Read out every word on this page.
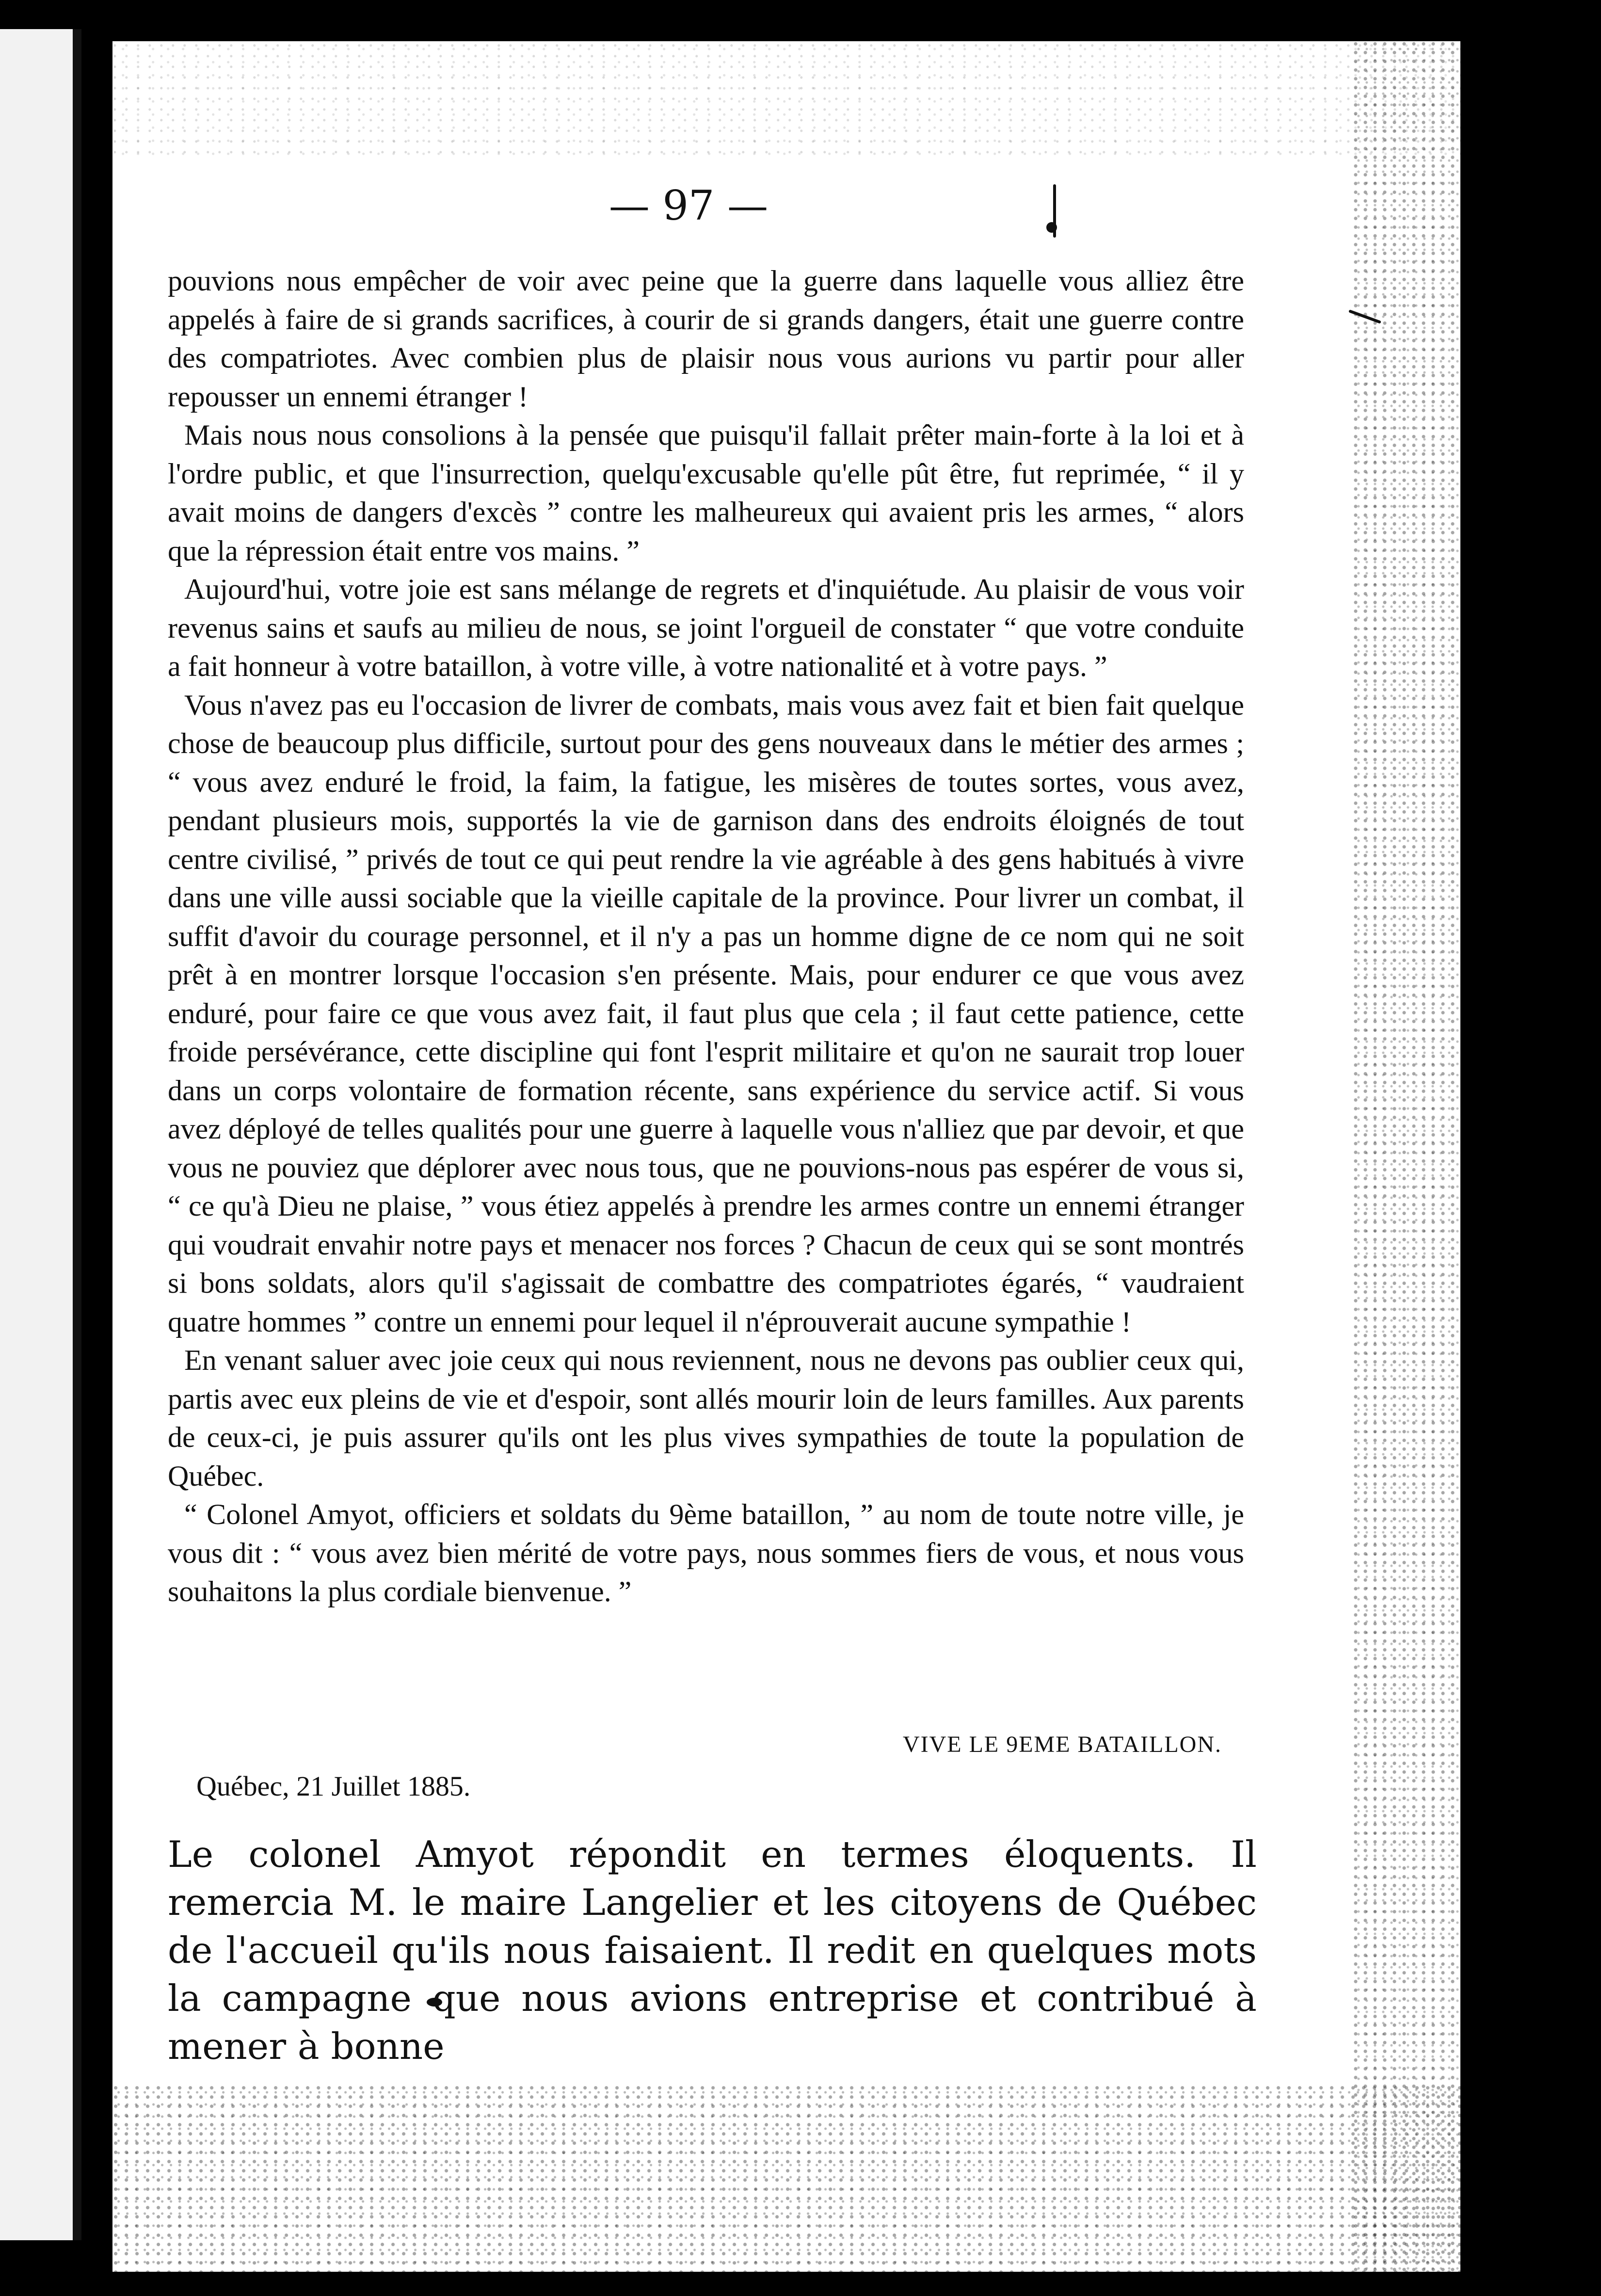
— 97 —

pouvions nous empêcher de voir avec peine que la guerre dans laquelle vous alliez être appelés à faire de si grands sacrifices, à courir de si grands dangers, était une guerre contre des compatriotes. Avec combien plus de plaisir nous vous aurions vu partir pour aller repousser un ennemi étranger !

Mais nous nous consolions à la pensée que puisqu'il fallait prêter main-forte à la loi et à l'ordre public, et que l'insurrection, quelqu'excusable qu'elle pût être, fut reprimée, “ il y avait moins de dangers d'excès ” contre les malheureux qui avaient pris les armes, “ alors que la répression était entre vos mains. ”

Aujourd'hui, votre joie est sans mélange de regrets et d'inquiétude. Au plaisir de vous voir revenus sains et saufs au milieu de nous, se joint l'orgueil de constater “ que votre conduite a fait honneur à votre bataillon, à votre ville, à votre nationalité et à votre pays. ”

Vous n'avez pas eu l'occasion de livrer de combats, mais vous avez fait et bien fait quelque chose de beaucoup plus difficile, surtout pour des gens nouveaux dans le métier des armes ; “ vous avez enduré le froid, la faim, la fatigue, les misères de toutes sortes, vous avez, pendant plusieurs mois, supportés la vie de garnison dans des endroits éloignés de tout centre civilisé, ” privés de tout ce qui peut rendre la vie agréable à des gens habitués à vivre dans une ville aussi sociable que la vieille capitale de la province. Pour livrer un combat, il suffit d'avoir du courage personnel, et il n'y a pas un homme digne de ce nom qui ne soit prêt à en montrer lorsque l'occasion s'en présente. Mais, pour endurer ce que vous avez enduré, pour faire ce que vous avez fait, il faut plus que cela ; il faut cette patience, cette froide persévérance, cette discipline qui font l'esprit militaire et qu'on ne saurait trop louer dans un corps volontaire de formation récente, sans expérience du service actif. Si vous avez déployé de telles qualités pour une guerre à laquelle vous n'alliez que par devoir, et que vous ne pouviez que déplorer avec nous tous, que ne pouvions-nous pas espérer de vous si, “ ce qu'à Dieu ne plaise, ” vous étiez appelés à prendre les armes contre un ennemi étranger qui voudrait envahir notre pays et menacer nos forces ? Chacun de ceux qui se sont montrés si bons soldats, alors qu'il s'agissait de combattre des compatriotes égarés, “ vaudraient quatre hommes ” contre un ennemi pour lequel il n'éprouverait aucune sympathie !

En venant saluer avec joie ceux qui nous reviennent, nous ne devons pas oublier ceux qui, partis avec eux pleins de vie et d'espoir, sont allés mourir loin de leurs familles. Aux parents de ceux-ci, je puis assurer qu'ils ont les plus vives sympathies de toute la population de Québec.

“ Colonel Amyot, officiers et soldats du 9ème bataillon, ” au nom de toute notre ville, je vous dit : “ vous avez bien mérité de votre pays, nous sommes fiers de vous, et nous vous souhaitons la plus cordiale bienvenue. ”

VIVE LE 9EME BATAILLON.
Québec, 21 Juillet 1885.
Le colonel Amyot répondit en termes éloquents. Il remercia M. le maire Langelier et les citoyens de Québec de l'accueil qu'ils nous faisaient. Il redit en quelques mots la campagne que nous avions entreprise et contribué à mener à bonne
